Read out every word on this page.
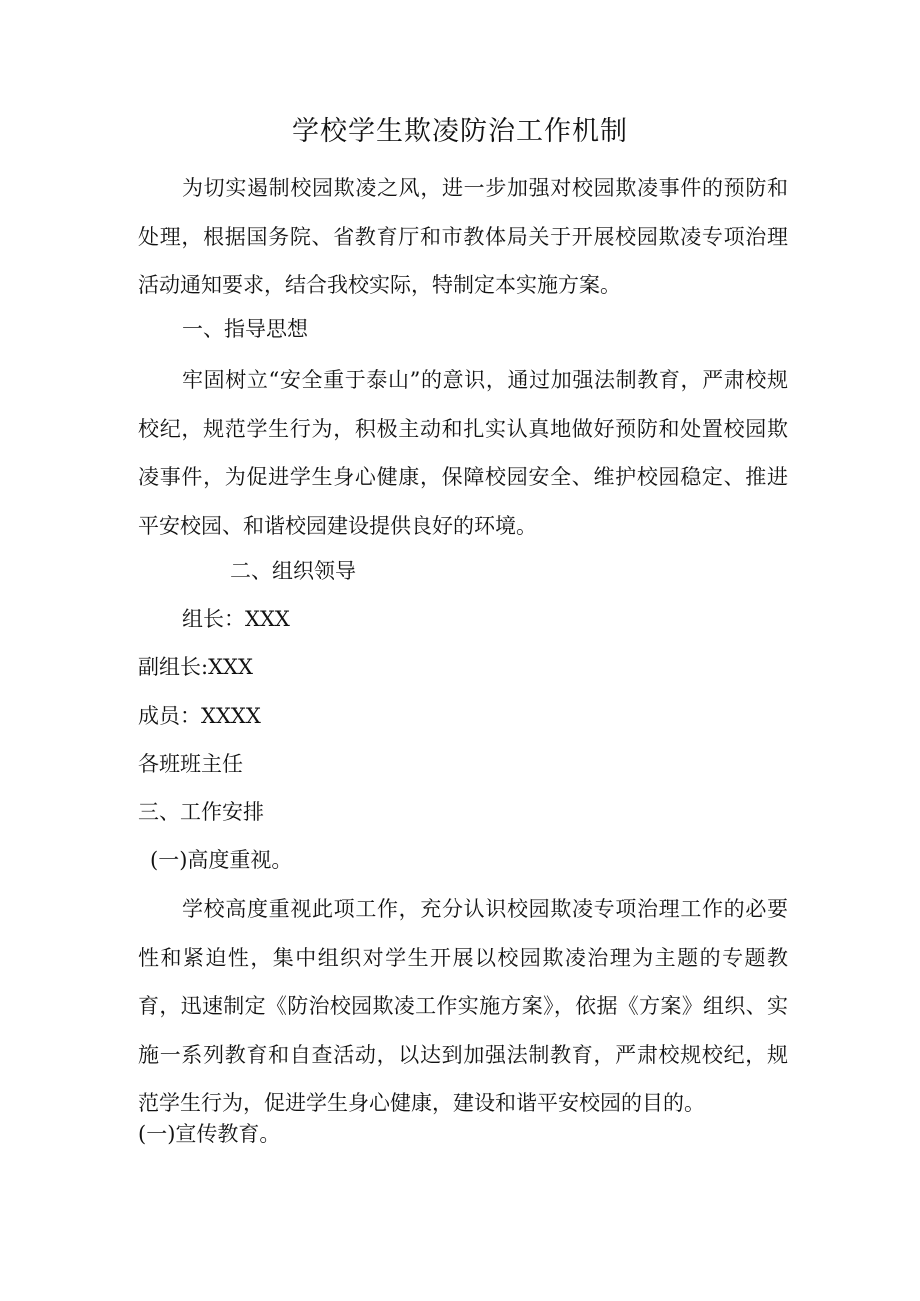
学校学生欺凌防治工作机制
为切实遏制校园欺凌之风，进一步加强对校园欺凌事件的预防和处理，根据国务院、省教育厅和市教体局关于开展校园欺凌专项治理活动通知要求，结合我校实际，特制定本实施方案。
一、指导思想
牢固树立“安全重于泰山”的意识，通过加强法制教育，严肃校规校纪，规范学生行为，积极主动和扎实认真地做好预防和处置校园欺凌事件，为促进学生身心健康，保障校园安全、维护校园稳定、推进平安校园、和谐校园建设提供良好的环境。
二、组织领导
组长：XXX
副组长:XXX
成员：XXXX
各班班主任
三、工作安排
(一)高度重视。
学校高度重视此项工作，充分认识校园欺凌专项治理工作的必要性和紧迫性，集中组织对学生开展以校园欺凌治理为主题的专题教育，迅速制定《防治校园欺凌工作实施方案》，依据《方案》组织、实施一系列教育和自查活动，以达到加强法制教育，严肃校规校纪，规范学生行为，促进学生身心健康，建设和谐平安校园的目的。
(一)宣传教育。
